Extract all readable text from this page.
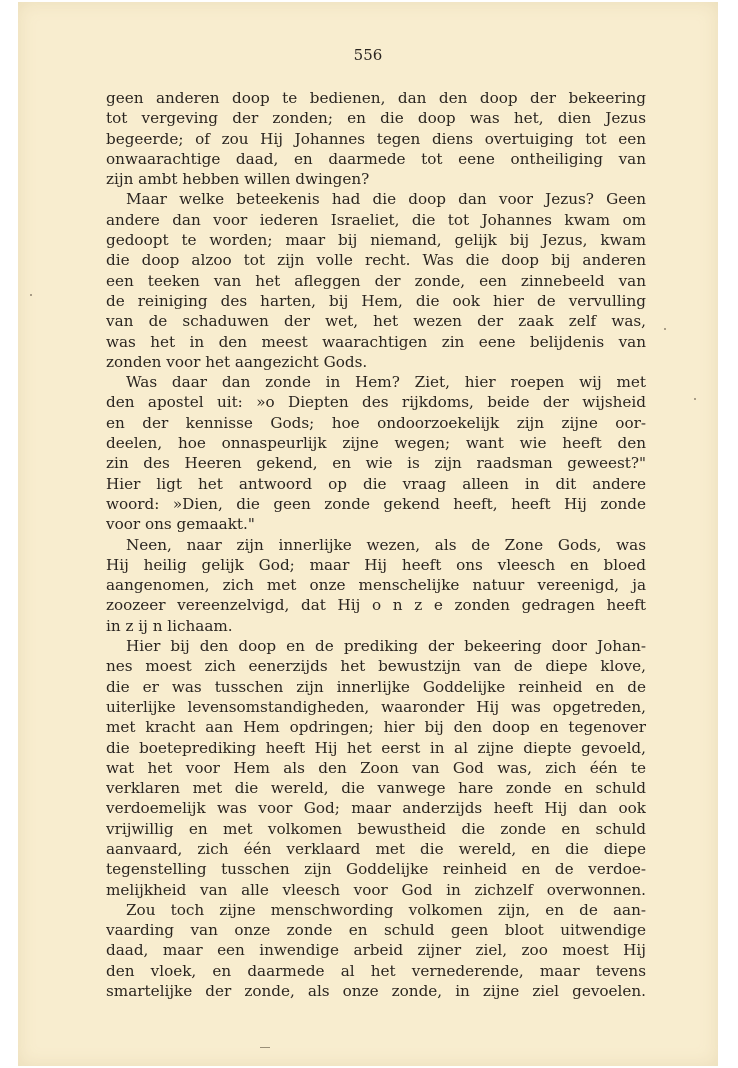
556

geen anderen doop te bedienen, dan den doop der bekeering
tot vergeving der zonden; en die doop was het, dien Jezus
begeerde; of zou Hij Johannes tegen diens overtuiging tot een
onwaarachtige daad, en daarmede tot eene ontheiliging van
zijn ambt hebben willen dwingen?
Maar welke beteekenis had die doop dan voor Jezus? Geen
andere dan voor iederen Israeliet, die tot Johannes kwam om
gedoopt te worden; maar bij niemand, gelijk bij Jezus, kwam
die doop alzoo tot zijn volle recht. Was die doop bij anderen
een teeken van het afleggen der zonde, een zinnebeeld van
de reiniging des harten, bij Hem, die ook hier de vervulling
van de schaduwen der wet, het wezen der zaak zelf was,
was het in den meest waarachtigen zin eene belijdenis van
zonden voor het aangezicht Gods.
Was daar dan zonde in Hem? Ziet, hier roepen wij met
den apostel uit: »o Diepten des rijkdoms, beide der wijsheid
en der kennisse Gods; hoe ondoorzoekelijk zijn zijne oor-
deelen, hoe onnaspeurlijk zijne wegen; want wie heeft den
zin des Heeren gekend, en wie is zijn raadsman geweest?"
Hier ligt het antwoord op die vraag alleen in dit andere
woord: »Dien, die geen zonde gekend heeft, heeft Hij zonde
voor ons gemaakt."
Neen, naar zijn innerlijke wezen, als de Zone Gods, was
Hij heilig gelijk God; maar Hij heeft ons vleesch en bloed
aangenomen, zich met onze menschelijke natuur vereenigd, ja
zoozeer vereenzelvigd, dat Hij o n z e zonden gedragen heeft
in z ij n lichaam.
Hier bij den doop en de prediking der bekeering door Johan-
nes moest zich eenerzijds het bewustzijn van de diepe klove,
die er was tusschen zijn innerlijke Goddelijke reinheid en de
uiterlijke levensomstandigheden, waaronder Hij was opgetreden,
met kracht aan Hem opdringen; hier bij den doop en tegenover
die boeteprediking heeft Hij het eerst in al zijne diepte gevoeld,
wat het voor Hem als den Zoon van God was, zich één te
verklaren met die wereld, die vanwege hare zonde en schuld
verdoemelijk was voor God; maar anderzijds heeft Hij dan ook
vrijwillig en met volkomen bewustheid die zonde en schuld
aanvaard, zich één verklaard met die wereld, en die diepe
tegenstelling tusschen zijn Goddelijke reinheid en de verdoe-
melijkheid van alle vleesch voor God in zichzelf overwonnen.
Zou toch zijne menschwording volkomen zijn, en de aan-
vaarding van onze zonde en schuld geen bloot uitwendige
daad, maar een inwendige arbeid zijner ziel, zoo moest Hij
den vloek, en daarmede al het vernederende, maar tevens
smartelijke der zonde, als onze zonde, in zijne ziel gevoelen.
